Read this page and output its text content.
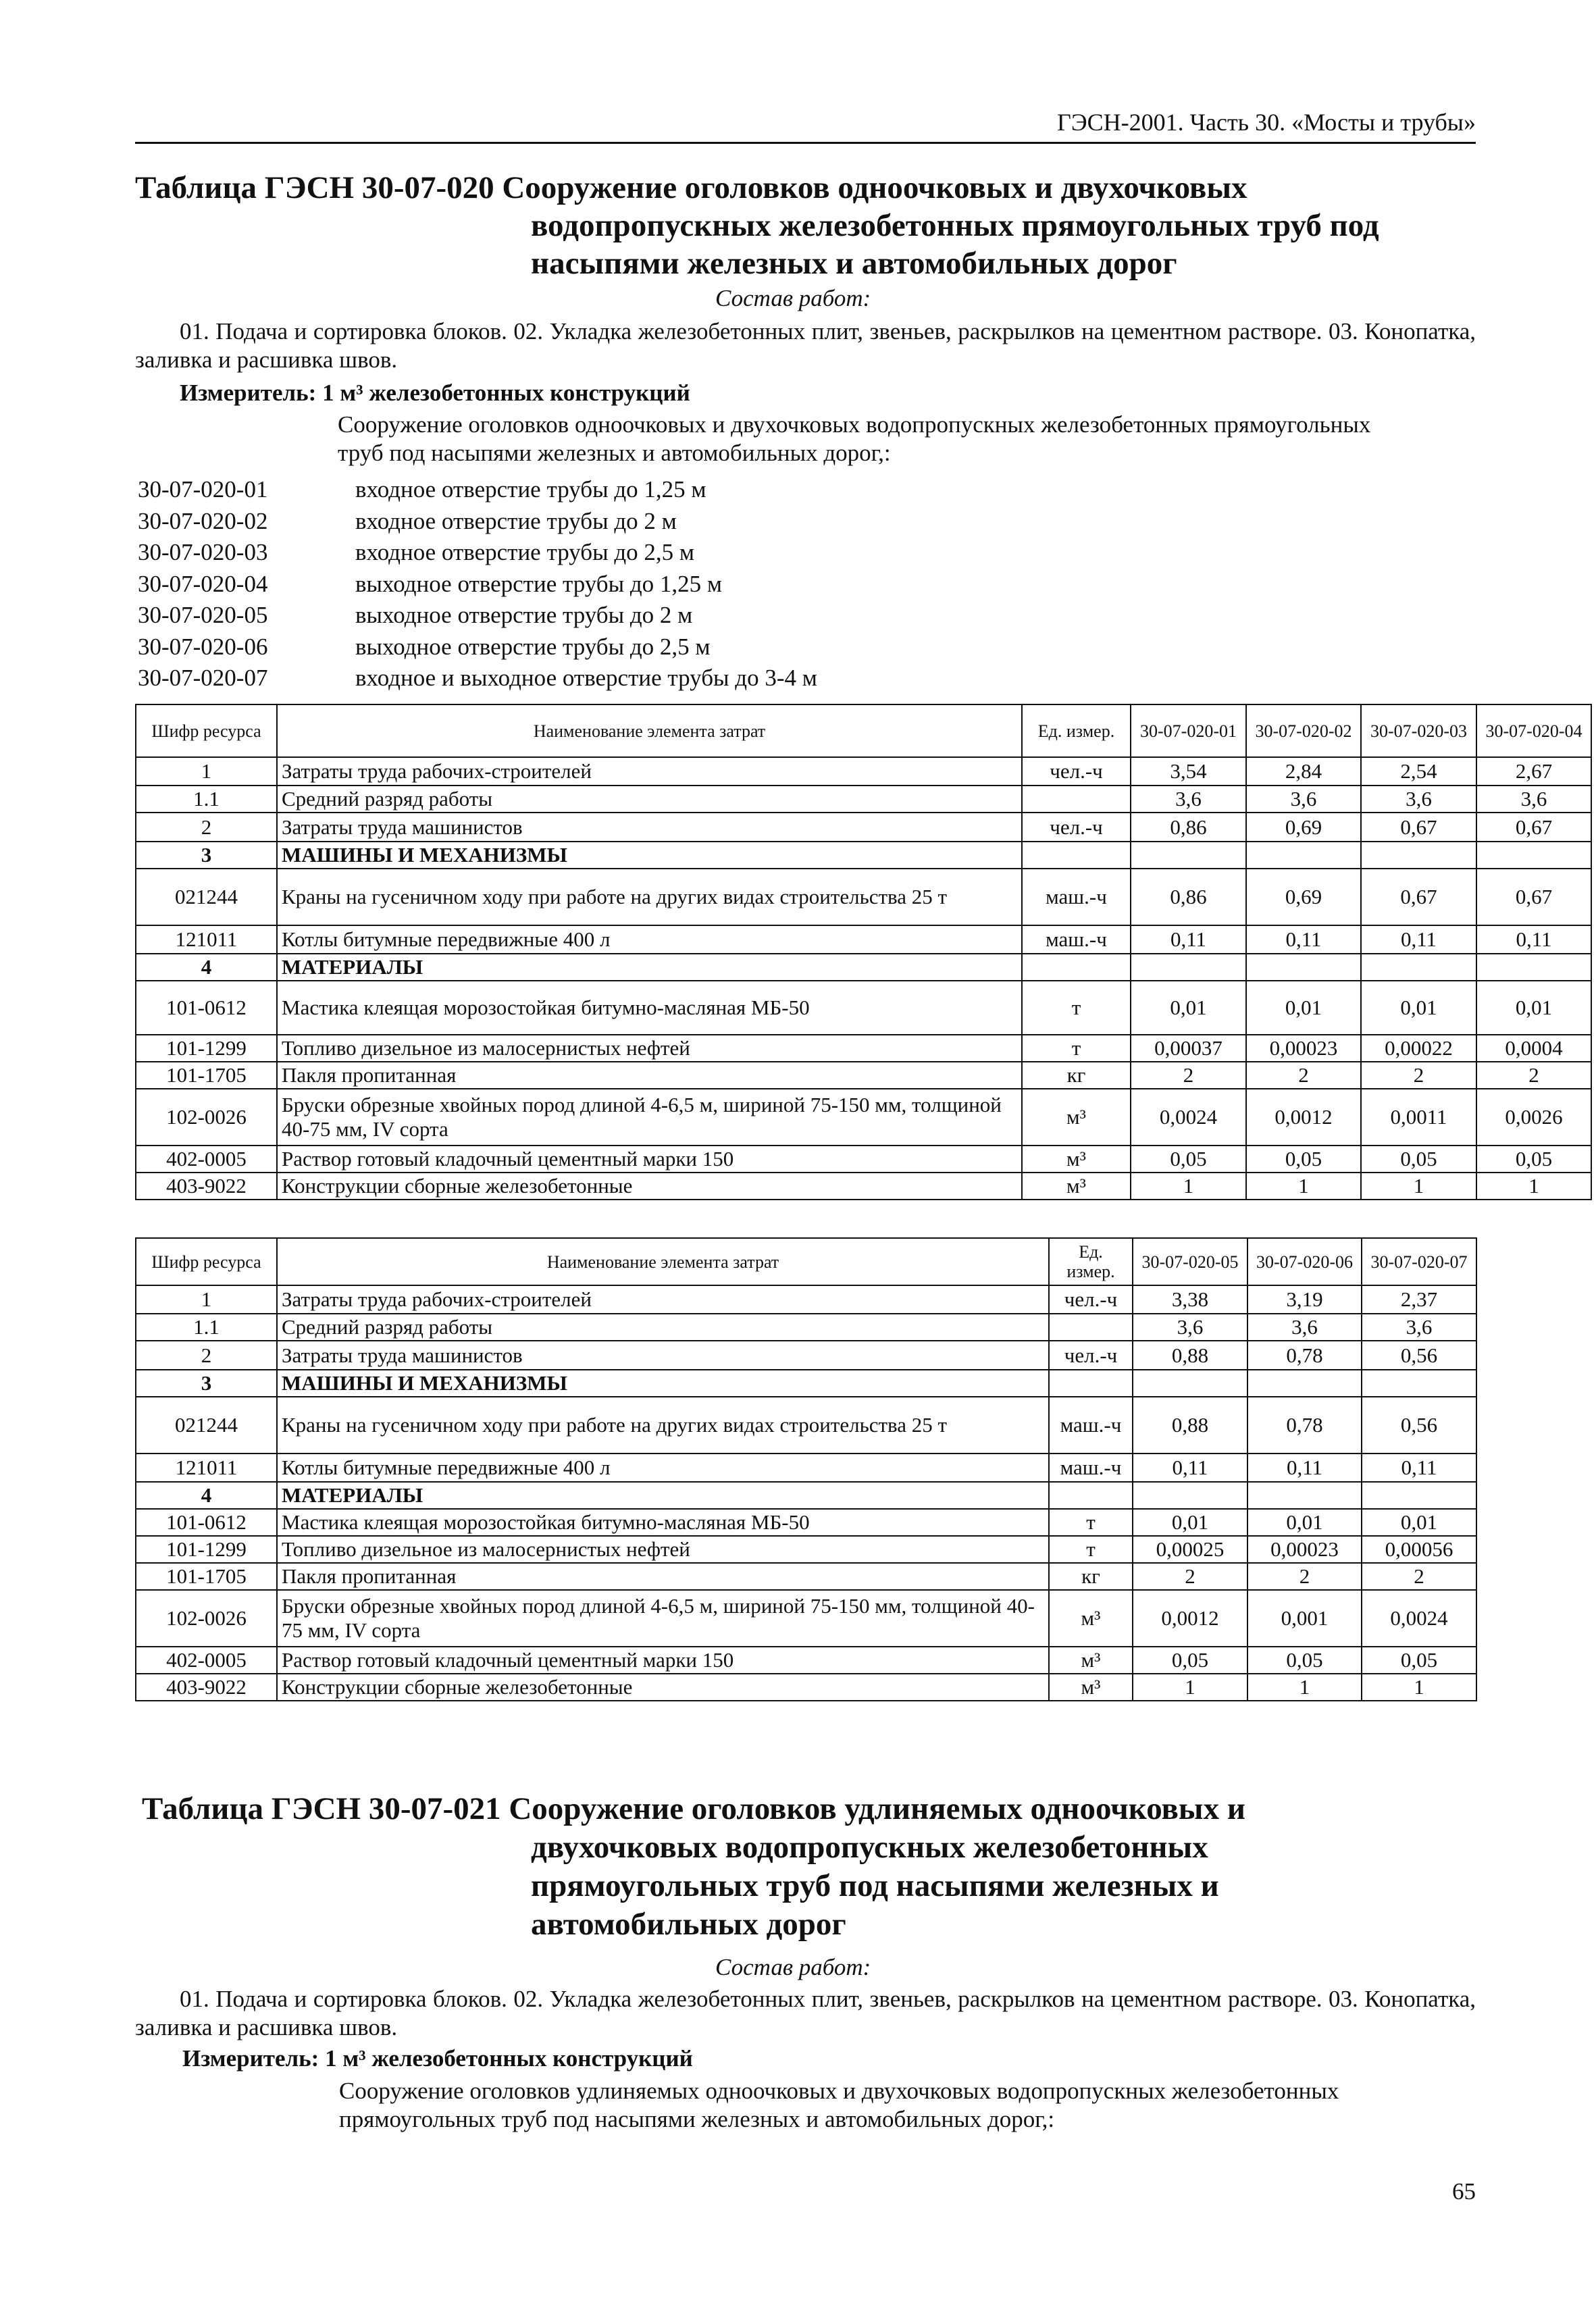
ГЭСН-2001. Часть 30. «Мосты и трубы»
Таблица ГЭСН 30-07-020 Сооружение оголовков одноочковых и двухочковых
водопропускных железобетонных прямоугольных труб под
насыпями железных и автомобильных дорог
Состав работ:
01. Подача и сортировка блоков. 02. Укладка железобетонных плит, звеньев, раскрылков на цементном растворе. 03. Конопатка, заливка и расшивка швов.
Измеритель: 1 м³ железобетонных конструкций
Сооружение оголовков одноочковых и двухочковых водопропускных железобетонных прямоугольных труб под насыпями железных и автомобильных дорог,:
30-07-020-01	входное отверстие трубы до 1,25 м
30-07-020-02	входное отверстие трубы до 2 м
30-07-020-03	входное отверстие трубы до 2,5 м
30-07-020-04	выходное отверстие трубы до 1,25 м
30-07-020-05	выходное отверстие трубы до 2 м
30-07-020-06	выходное отверстие трубы до 2,5 м
30-07-020-07	входное и выходное отверстие трубы до 3-4 м
Шифр ресурса	Наименование элемента затрат	Ед. измер.	30-07-020-01	30-07-020-02	30-07-020-03	30-07-020-04
1	Затраты труда рабочих-строителей	чел.-ч	3,54	2,84	2,54	2,67
1.1	Средний разряд работы		3,6	3,6	3,6	3,6
2	Затраты труда машинистов	чел.-ч	0,86	0,69	0,67	0,67
3	МАШИНЫ И МЕХАНИЗМЫ					
021244	Краны на гусеничном ходу при работе на других видах строительства 25 т	маш.-ч	0,86	0,69	0,67	0,67
121011	Котлы битумные передвижные 400 л	маш.-ч	0,11	0,11	0,11	0,11
4	МАТЕРИАЛЫ					
101-0612	Мастика клеящая морозостойкая битумно-масляная МБ-50	т	0,01	0,01	0,01	0,01
101-1299	Топливо дизельное из малосернистых нефтей	т	0,00037	0,00023	0,00022	0,0004
101-1705	Пакля пропитанная	кг	2	2	2	2
102-0026	Бруски обрезные хвойных пород длиной 4-6,5 м, шириной 75-150 мм, толщиной 40-75 мм, IV сорта	м³	0,0024	0,0012	0,0011	0,0026
402-0005	Раствор готовый кладочный цементный марки 150	м³	0,05	0,05	0,05	0,05
403-9022	Конструкции сборные железобетонные	м³	1	1	1	1
Шифр ресурса	Наименование элемента затрат	Ед. измер.	30-07-020-05	30-07-020-06	30-07-020-07
1	Затраты труда рабочих-строителей	чел.-ч	3,38	3,19	2,37
1.1	Средний разряд работы		3,6	3,6	3,6
2	Затраты труда машинистов	чел.-ч	0,88	0,78	0,56
3	МАШИНЫ И МЕХАНИЗМЫ				
021244	Краны на гусеничном ходу при работе на других видах строительства 25 т	маш.-ч	0,88	0,78	0,56
121011	Котлы битумные передвижные 400 л	маш.-ч	0,11	0,11	0,11
4	МАТЕРИАЛЫ				
101-0612	Мастика клеящая морозостойкая битумно-масляная МБ-50	т	0,01	0,01	0,01
101-1299	Топливо дизельное из малосернистых нефтей	т	0,00025	0,00023	0,00056
101-1705	Пакля пропитанная	кг	2	2	2
102-0026	Бруски обрезные хвойных пород длиной 4-6,5 м, шириной 75-150 мм, толщиной 40-75 мм, IV сорта	м³	0,0012	0,001	0,0024
402-0005	Раствор готовый кладочный цементный марки 150	м³	0,05	0,05	0,05
403-9022	Конструкции сборные железобетонные	м³	1	1	1
Таблица ГЭСН 30-07-021 Сооружение оголовков удлиняемых одноочковых и
двухочковых водопропускных железобетонных
прямоугольных труб под насыпями железных и
автомобильных дорог
Состав работ:
01. Подача и сортировка блоков. 02. Укладка железобетонных плит, звеньев, раскрылков на цементном растворе. 03. Конопатка, заливка и расшивка швов.
Измеритель: 1 м³ железобетонных конструкций
Сооружение оголовков удлиняемых одноочковых и двухочковых водопропускных железобетонных прямоугольных труб под насыпями железных и автомобильных дорог,:
65
